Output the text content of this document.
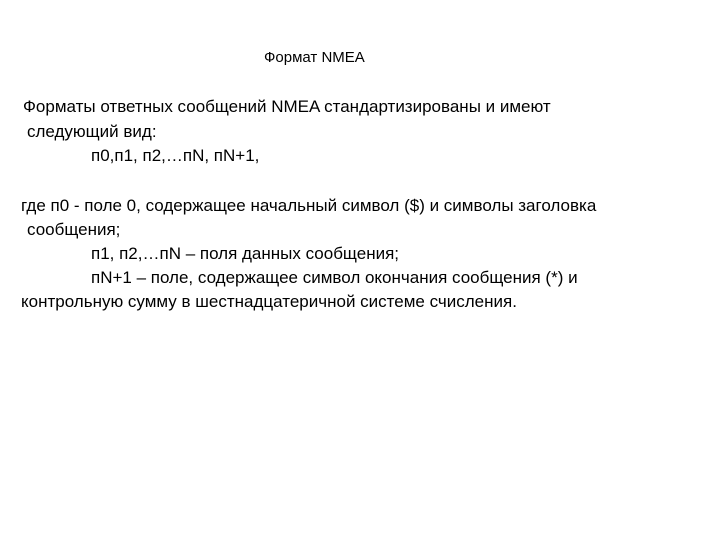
Формат NMEA
Форматы ответных сообщений NMEA стандартизированы и имеют
следующий вид:
п0,п1, п2,…пN, пN+1,
где п0 - поле 0, содержащее начальный символ ($) и символы заголовка
сообщения;
п1, п2,…пN – поля данных сообщения;
пN+1 – поле, содержащее символ окончания сообщения (*) и
контрольную сумму в шестнадцатеричной системе счисления.
